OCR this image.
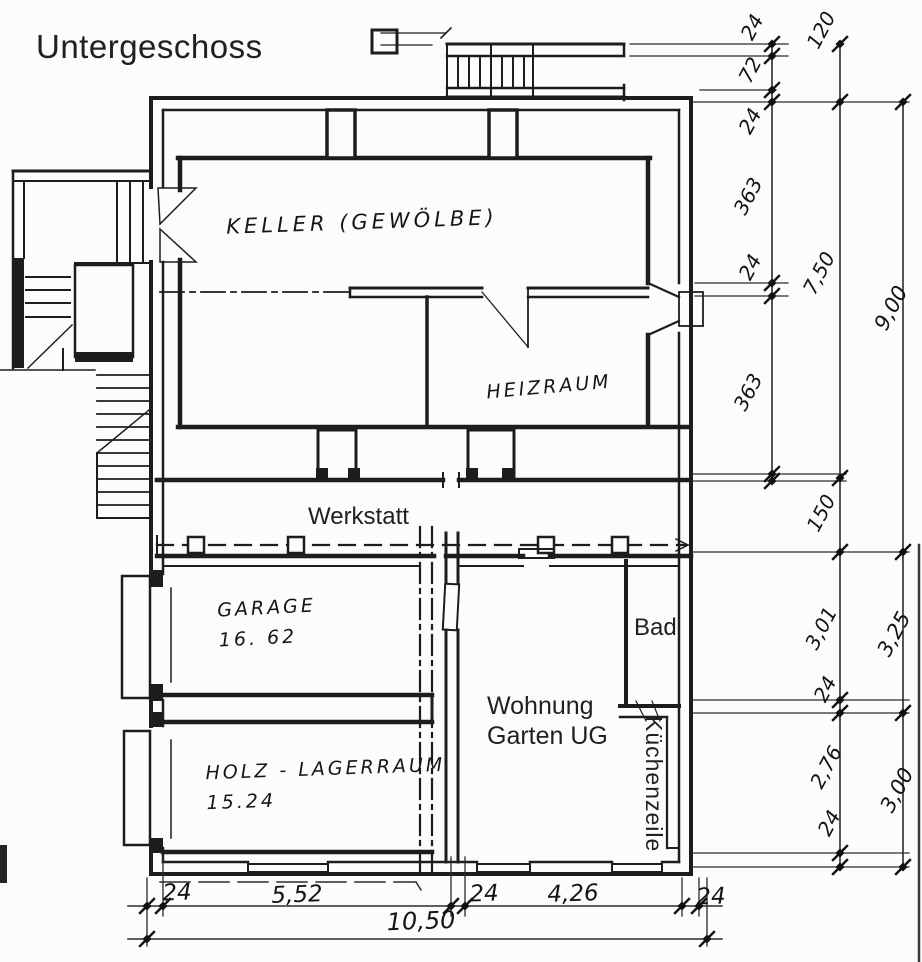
Untergeschoss
KELLER (GEWÖLBE)
HEIZRAUM
Werkstatt
GARAGE
16. 62	Bad
Wohnung
Garten UG
HOLZ - LAGERRAUM
15.24	Küchenzeile
24
72
24
363
24
363
120
7,50
150
3,01
24
2,76
24
9,00
3,25
3,00
24	5,52	24 4,26	24
10,50
